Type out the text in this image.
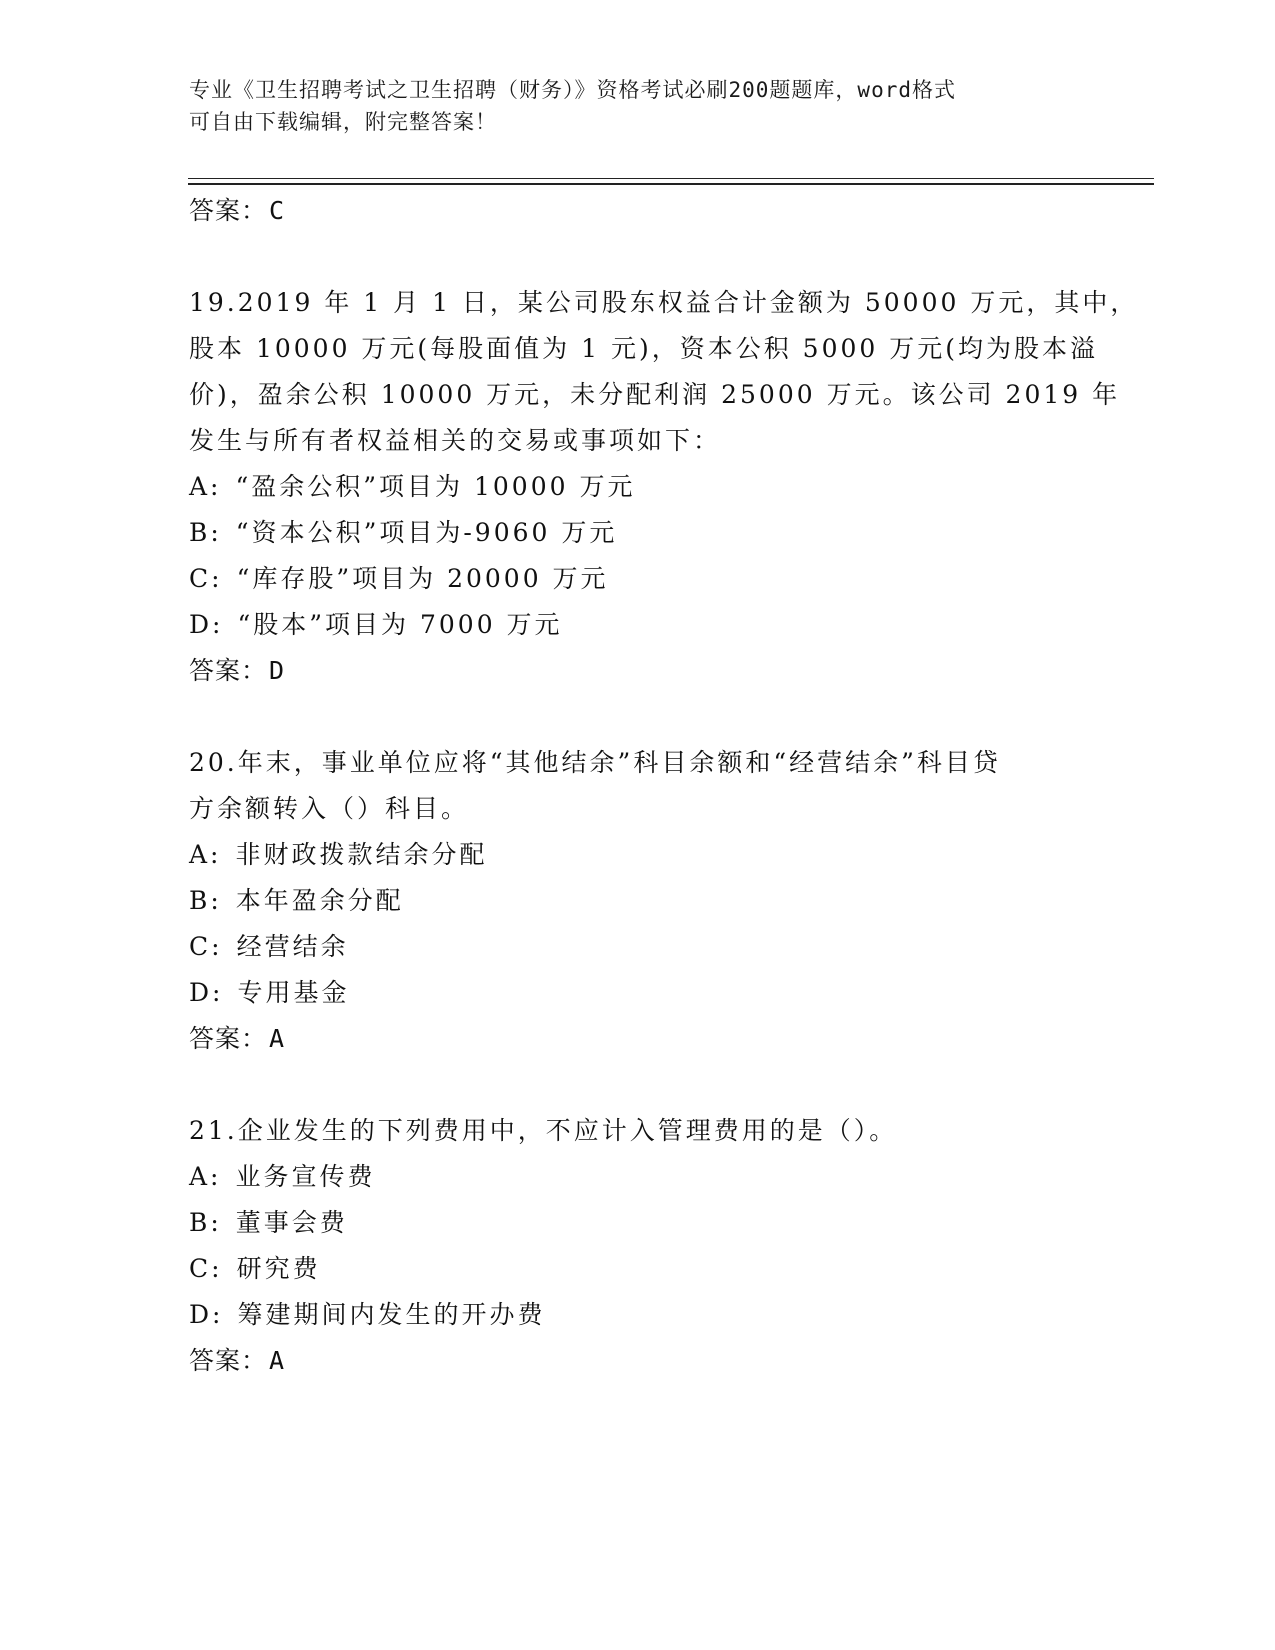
专业《卫生招聘考试之卫生招聘（财务）》资格考试必刷200题题库，word格式
可自由下载编辑，附完整答案！
答案：C
19.2019 年 1 月 1 日，某公司股东权益合计金额为 50000 万元，其中，
股本 10000 万元(每股面值为 1 元)，资本公积 5000 万元(均为股本溢
价)，盈余公积 10000 万元，未分配利润 25000 万元。该公司 2019 年
发生与所有者权益相关的交易或事项如下：
A: “盈余公积”项目为 10000 万元
B: “资本公积”项目为-9060 万元
C: “库存股”项目为 20000 万元
D: “股本”项目为 7000 万元
答案：D
20.年末，事业单位应将“其他结余”科目余额和“经营结余”科目贷
方余额转入（）科目。
A: 非财政拨款结余分配
B: 本年盈余分配
C: 经营结余
D: 专用基金
答案：A
21.企业发生的下列费用中，不应计入管理费用的是（）。
A: 业务宣传费
B: 董事会费
C: 研究费
D: 筹建期间内发生的开办费
答案：A
